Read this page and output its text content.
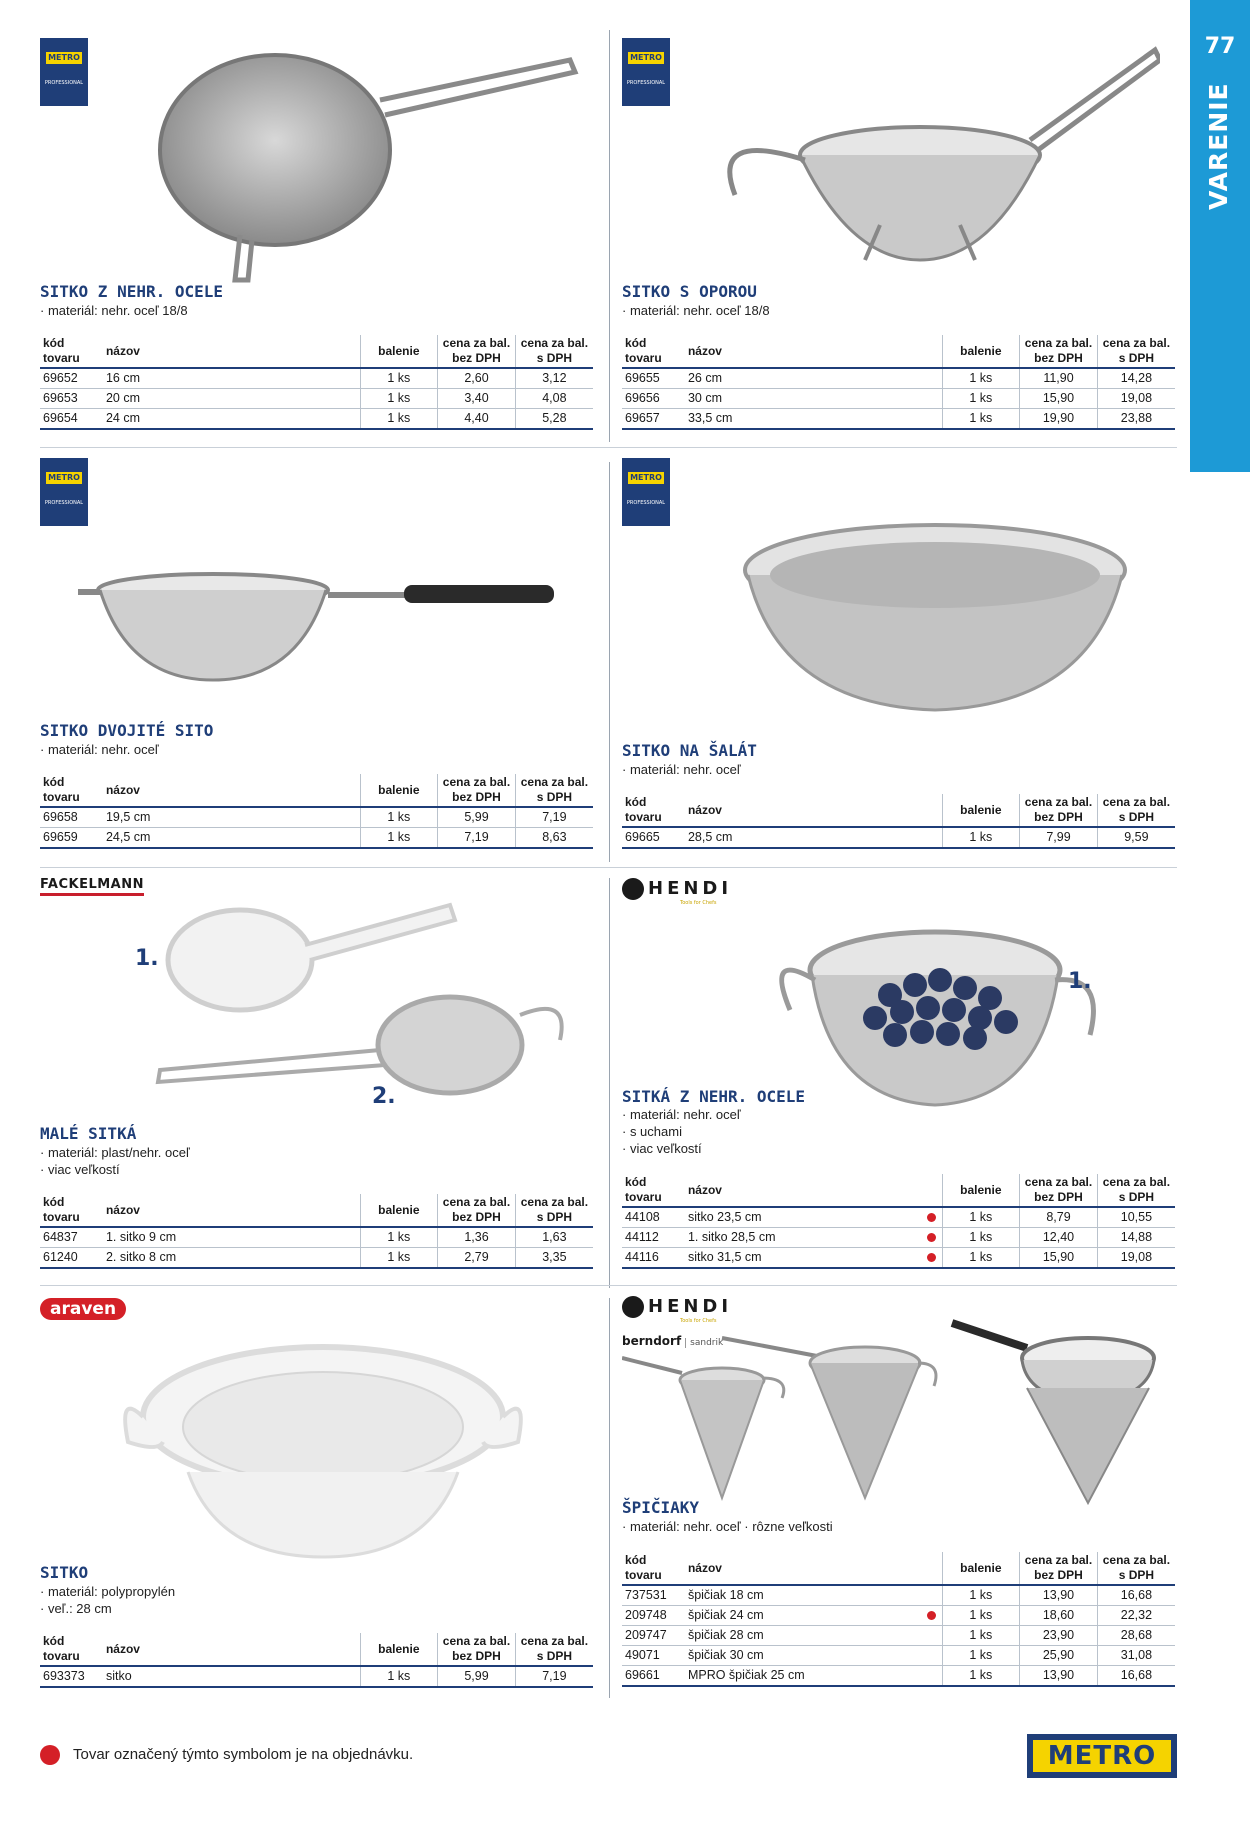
77
VARENIE
METRO
PROFESSIONAL
SITKO Z NEHR. OCELE
· materiál: nehr. oceľ 18/8
kód tovaru	názov		balenie	cena za bal. bez DPH	cena za bal. s DPH
69652	16 cm		1 ks	2,60	3,12
69653	20 cm		1 ks	3,40	4,08
69654	24 cm		1 ks	4,40	5,28
METRO
PROFESSIONAL
SITKO S OPOROU
· materiál: nehr. oceľ 18/8
kód tovaru	názov		balenie	cena za bal. bez DPH	cena za bal. s DPH
69655	26 cm		1 ks	11,90	14,28
69656	30 cm		1 ks	15,90	19,08
69657	33,5 cm		1 ks	19,90	23,88
METRO
PROFESSIONAL
SITKO DVOJITÉ SITO
· materiál: nehr. oceľ
kód tovaru	názov		balenie	cena za bal. bez DPH	cena za bal. s DPH
69658	19,5 cm		1 ks	5,99	7,19
69659	24,5 cm		1 ks	7,19	8,63
METRO
PROFESSIONAL
SITKO NA ŠALÁT
· materiál: nehr. oceľ
kód tovaru	názov		balenie	cena za bal. bez DPH	cena za bal. s DPH
69665	28,5 cm		1 ks	7,99	9,59
FACKELMANN
1.
2.
MALÉ SITKÁ
· materiál: plast/nehr. oceľ
· viac veľkostí
kód tovaru	názov		balenie	cena za bal. bez DPH	cena za bal. s DPH
64837	1. sitko 9 cm		1 ks	1,36	1,63
61240	2. sitko 8 cm		1 ks	2,79	3,35
HENDI
Tools for Chefs
1.
SITKÁ Z NEHR. OCELE
· materiál: nehr. oceľ
· s uchami
· viac veľkostí
kód tovaru	názov		balenie	cena za bal. bez DPH	cena za bal. s DPH
44108	sitko 23,5 cm		1 ks	8,79	10,55
44112	1. sitko 28,5 cm		1 ks	12,40	14,88
44116	sitko 31,5 cm		1 ks	15,90	19,08
araven
SITKO
· materiál: polypropylén
· veľ.: 28 cm
kód tovaru	názov		balenie	cena za bal. bez DPH	cena za bal. s DPH
693373	sitko		1 ks	5,99	7,19
HENDI
Tools for Chefs
berndorf sandrik
ŠPIČIAKY
· materiál: nehr. oceľ · rôzne veľkosti
kód tovaru	názov		balenie	cena za bal. bez DPH	cena za bal. s DPH
737531	špičiak 18 cm		1 ks	13,90	16,68
209748	špičiak 24 cm		1 ks	18,60	22,32
209747	špičiak 28 cm		1 ks	23,90	28,68
49071	špičiak 30 cm		1 ks	25,90	31,08
69661	MPRO špičiak 25 cm		1 ks	13,90	16,68
Tovar označený týmto symbolom je na objednávku.	METRO
